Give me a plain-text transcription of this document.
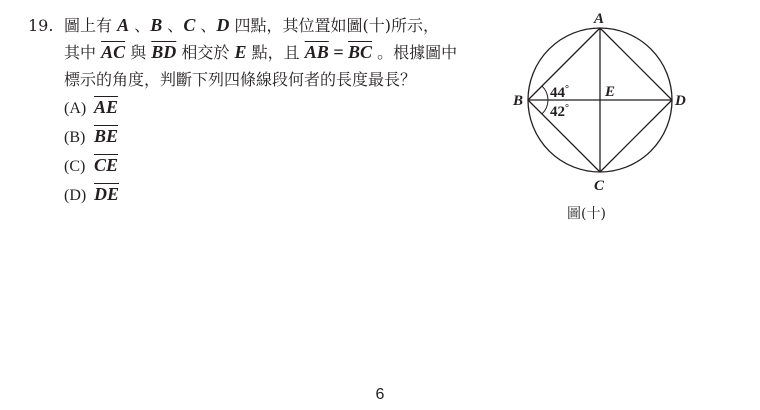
19. 圖上有 A 、B 、C 、D 四點，其位置如圖(十)所示，
其中 $\overline{AC}$ 與 $\overline{BD}$ 相交於 E 點，且 $\overline{AB} = \overline{BC}$ 。根據圖中
標示的角度，判斷下列四條線段何者的長度最長？
(A) $\overline{AE}$
(B) $\overline{BE}$
(C) $\overline{CE}$
(D) $\overline{DE}$
A
B
C
D
E
44°
42°
圖(十)
6
